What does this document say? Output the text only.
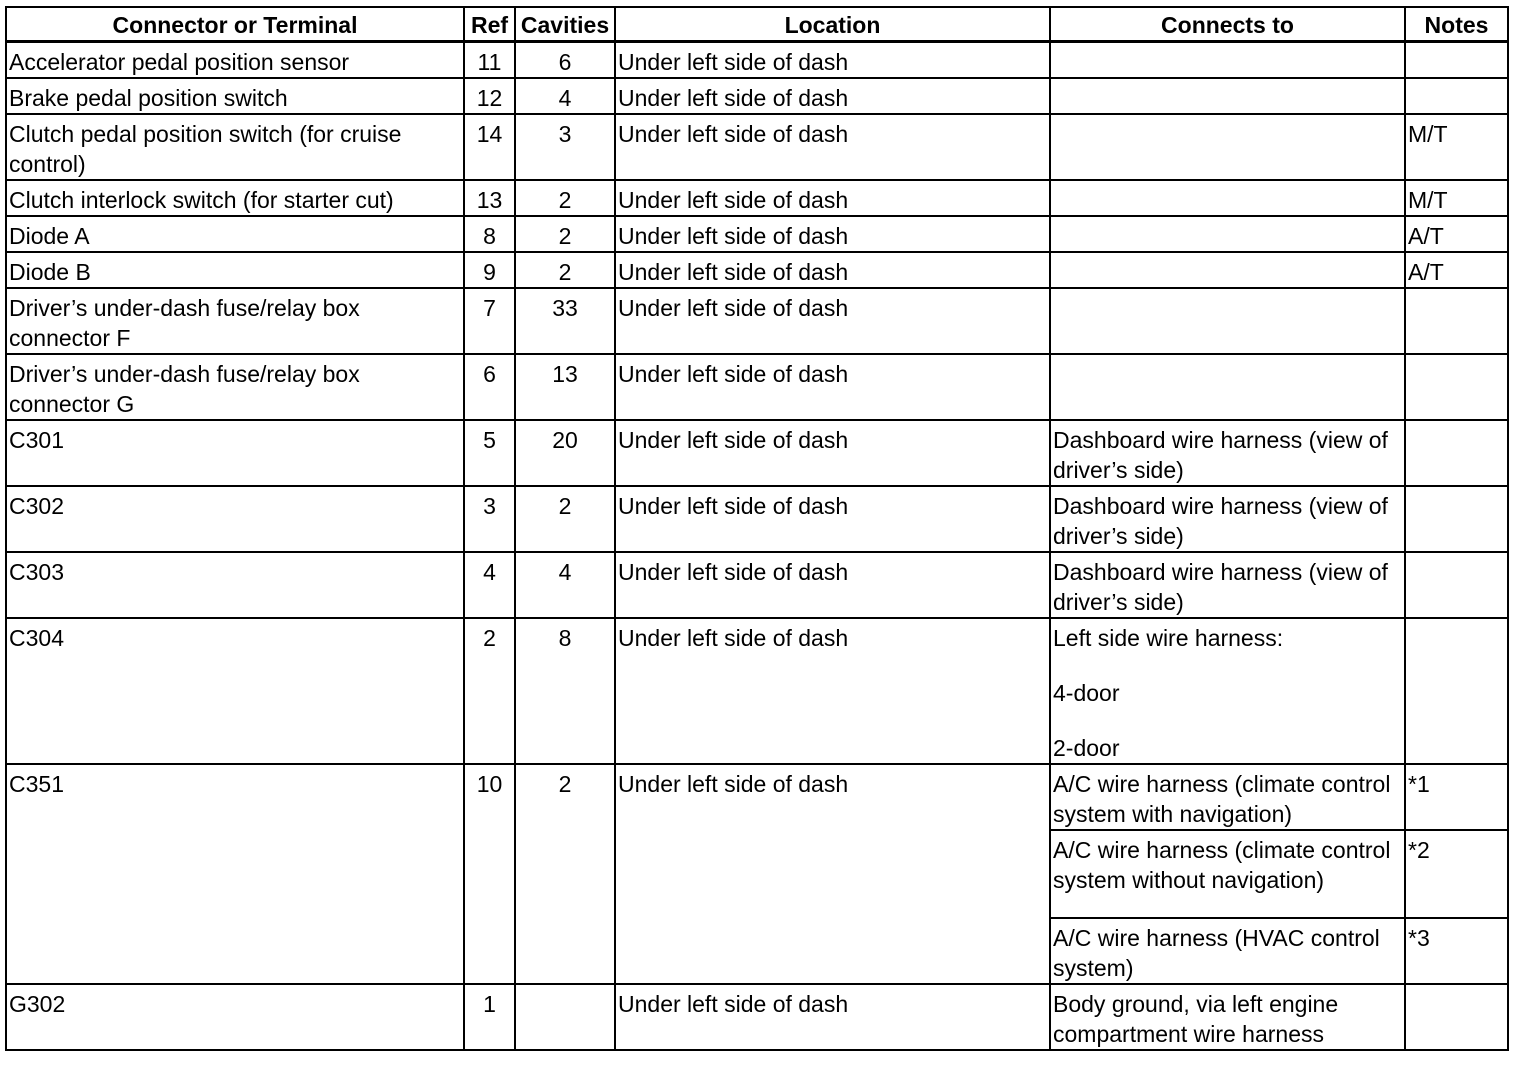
Connector or Terminal	Ref	Cavities	Location	Connects to	Notes
Accelerator pedal position sensor	11	6	Under left side of dash		
Brake pedal position switch	12	4	Under left side of dash		
Clutch pedal position switch (for cruise control)	14	3	Under left side of dash		M/T
Clutch interlock switch (for starter cut)	13	2	Under left side of dash		M/T
Diode A	8	2	Under left side of dash		A/T
Diode B	9	2	Under left side of dash		A/T
Driver’s under-dash fuse/relay box connector F	7	33	Under left side of dash		
Driver’s under-dash fuse/relay box connector G	6	13	Under left side of dash		
C301	5	20	Under left side of dash	Dashboard wire harness (view of driver’s side)	
C302	3	2	Under left side of dash	Dashboard wire harness (view of driver’s side)	
C303	4	4	Under left side of dash	Dashboard wire harness (view of driver’s side)	
C304	2	8	Under left side of dash	Left side wire harness:
4-door
2-door	
C351	10	2	Under left side of dash	A/C wire harness (climate control system with navigation)	*1
				A/C wire harness (climate control system without navigation)	*2
				A/C wire harness (HVAC control system)	*3
G302	1		Under left side of dash	Body ground, via left engine compartment wire harness	
